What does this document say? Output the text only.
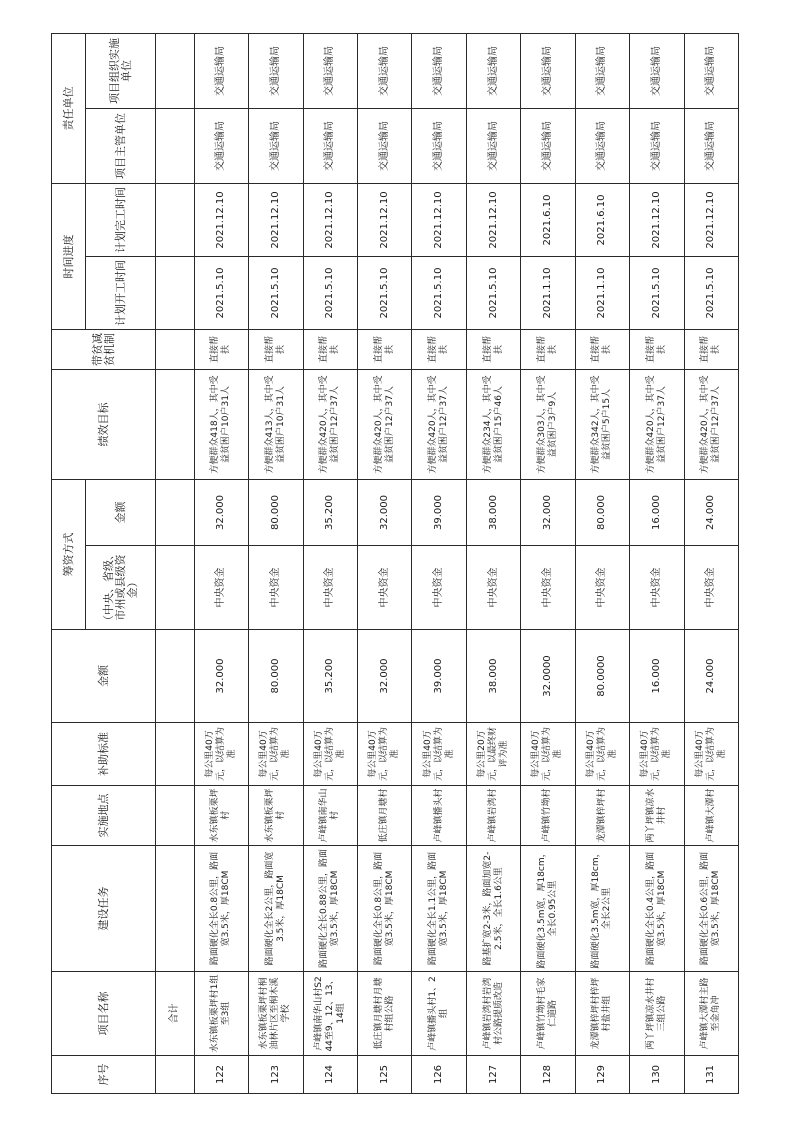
序号	项目名称	建设任务	实施地点	补助标准	金额	筹资方式		绩效目标	带贫减贫机制	时间进度		责任单位	
						（中央、省级、市州或县级资金）	金额			计划开工时间	计划完工时间	项目主管单位	项目组织实施单位
	合计												
122	水东镇板栗坪村1组至3组	路面硬化全长0.8公里，路面宽3.5米，厚18CM	水东镇板栗坪村	每公里40万元，以结算为准	32.000	中央资金	32.000	方便群众418人，其中受益贫困户10户31人	直接帮扶	2021.5.10	2021.12.10	交通运输局	交通运输局
123	水东镇板栗坪村桐油林片区至桐木溪学校	路面硬化全长2公里，路面宽3.5米，厚18CM	水东镇板栗坪村	每公里40万元，以结算为准	80.000	中央资金	80.000	方便群众413人，其中受益贫困户10户31人	直接帮扶	2021.5.10	2021.12.10	交通运输局	交通运输局
124	卢峰镇南华山村S244至9、12、13、14组	路面硬化全长0.88公里，路面宽3.5米，厚18CM	卢峰镇南华山村	每公里40万元，以结算为准	35.200	中央资金	35.200	方便群众420人，其中受益贫困户12户37人	直接帮扶	2021.5.10	2021.12.10	交通运输局	交通运输局
125	低庄镇月塘村月塘村组公路	路面硬化全长0.8公里，路面宽3.5米，厚18CM	低庄镇月塘村	每公里40万元，以结算为准	32.000	中央资金	32.000	方便群众420人，其中受益贫困户12户37人	直接帮扶	2021.5.10	2021.12.10	交通运输局	交通运输局
126	卢峰镇播头村1、2组	路面硬化全长1.1公里，路面宽3.5米，厚18CM	卢峰镇播头村	每公里40万元，以结算为准	39.000	中央资金	39.000	方便群众420人，其中受益贫困户12户37人	直接帮扶	2021.5.10	2021.12.10	交通运输局	交通运输局
127	卢峰镇岩湾村岩湾村公路提质改造	路基扩宽2-3米，路面加宽2-2.5米，全长1.6公里	卢峰镇岩湾村	每公里20万元，以最终财评为准	38.000	中央资金	38.000	方便群众234人，其中受益贫困户15户46人	直接帮扶	2021.5.10	2021.12.10	交通运输局	交通运输局
128	卢峰镇竹坳村毛家仁道路	路面硬化3.5m宽，厚18cm，全长0.95公里	卢峰镇竹坳村	每公里40万元，以结算为准	32.0000	中央资金	32.000	方便群众303人，其中受益贫困户3户9人	直接帮扶	2021.1.10	2021.6.10	交通运输局	交通运输局
129	龙潭镇梓坪村梓坪村盐井组	路面硬化3.5m宽，厚18cm，全长2公里	龙潭镇梓坪村	每公里40万元，以结算为准	80.0000	中央资金	80.000	方便群众342人，其中受益贫困户5户15人	直接帮扶	2021.1.10	2021.6.10	交通运输局	交通运输局
130	两丫坪镇凉水井村三组公路	路面硬化全长0.4公里，路面宽3.5米，厚18CM	两丫坪镇凉水井村	每公里40万元，以结算为准	16.000	中央资金	16.000	方便群众420人，其中受益贫困户12户37人	直接帮扶	2021.5.10	2021.12.10	交通运输局	交通运输局
131	卢峰镇大潭村主路至金角冲	路面硬化全长0.6公里，路面宽3.5米，厚18CM	卢峰镇大潭村	每公里40万元，以结算为准	24.000	中央资金	24.000	方便群众420人，其中受益贫困户12户37人	直接帮扶	2021.5.10	2021.12.10	交通运输局	交通运输局
